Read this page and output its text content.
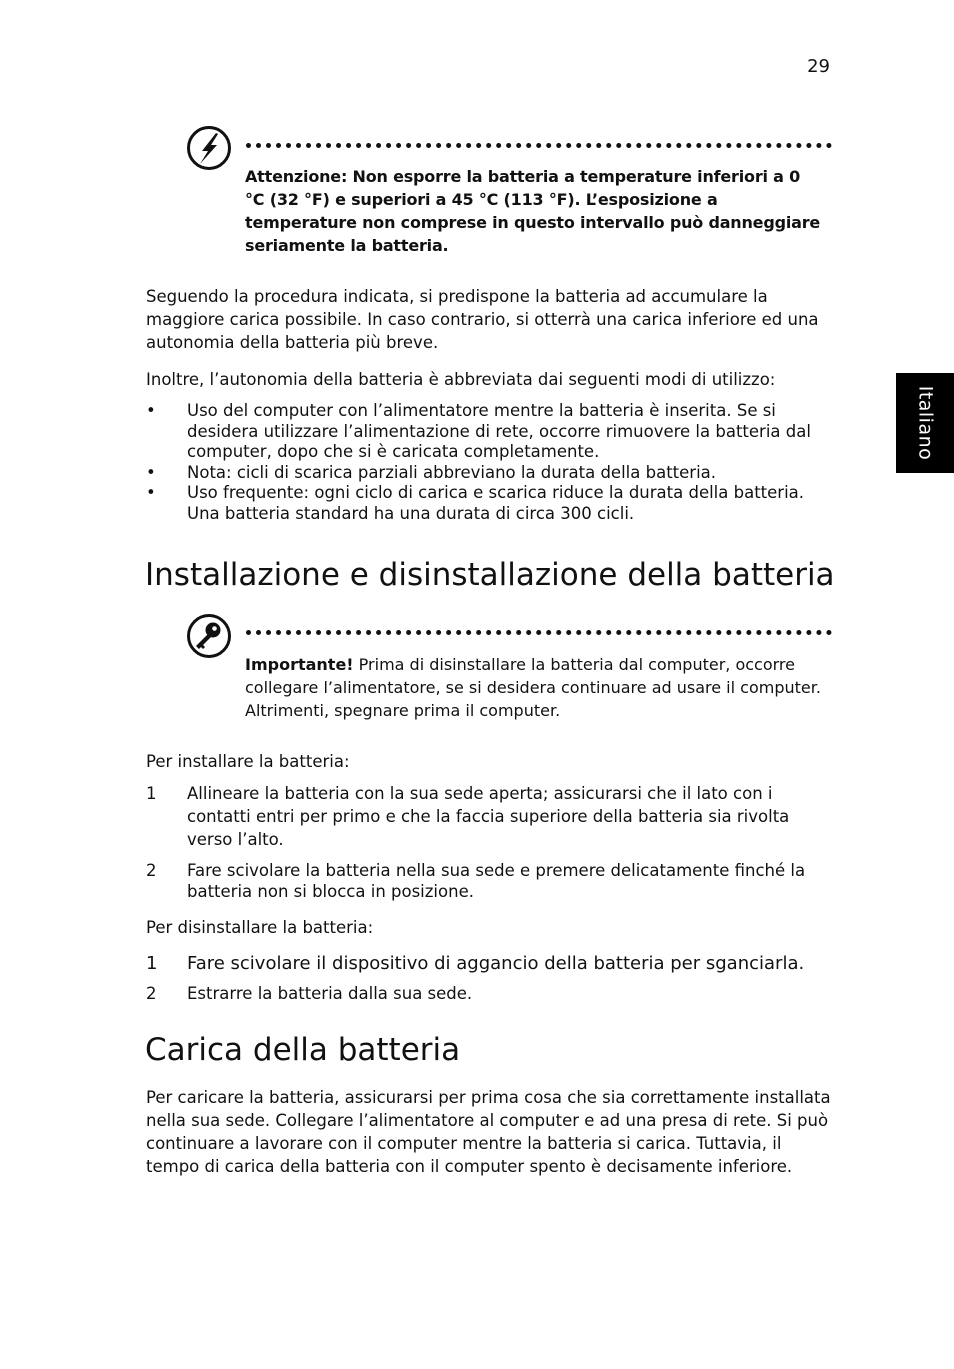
29
Italiano
Attenzione: Non esporre la batteria a temperature inferiori a 0 °C (32 °F) e superiori a 45 °C (113 °F). L’esposizione a temperature non comprese in questo intervallo può danneggiare seriamente la batteria.

Seguendo la procedura indicata, si predispone la batteria ad accumulare la maggiore carica possibile. In caso contrario, si otterrà una carica inferiore ed una autonomia della batteria più breve.

Inoltre, l’autonomia della batteria è abbreviata dai seguenti modi di utilizzo:

• Uso del computer con l’alimentatore mentre la batteria è inserita. Se si desidera utilizzare l’alimentazione di rete, occorre rimuovere la batteria dal computer, dopo che si è caricata completamente.
• Nota: cicli di scarica parziali abbreviano la durata della batteria.
• Uso frequente: ogni ciclo di carica e scarica riduce la durata della batteria. Una batteria standard ha una durata di circa 300 cicli.
Installazione e disinstallazione della batteria
Importante! Prima di disinstallare la batteria dal computer, occorre collegare l’alimentatore, se si desidera continuare ad usare il computer. Altrimenti, spegnare prima il computer.

Per installare la batteria:

1 Allineare la batteria con la sua sede aperta; assicurarsi che il lato con i contatti entri per primo e che la faccia superiore della batteria sia rivolta verso l’alto.
2 Fare scivolare la batteria nella sua sede e premere delicatamente finché la batteria non si blocca in posizione.

Per disinstallare la batteria:

1 Fare scivolare il dispositivo di aggancio della batteria per sganciarla.
2 Estrarre la batteria dalla sua sede.
Carica della batteria

Per caricare la batteria, assicurarsi per prima cosa che sia correttamente installata nella sua sede. Collegare l’alimentatore al computer e ad una presa di rete. Si può continuare a lavorare con il computer mentre la batteria si carica. Tuttavia, il tempo di carica della batteria con il computer spento è decisamente inferiore.
